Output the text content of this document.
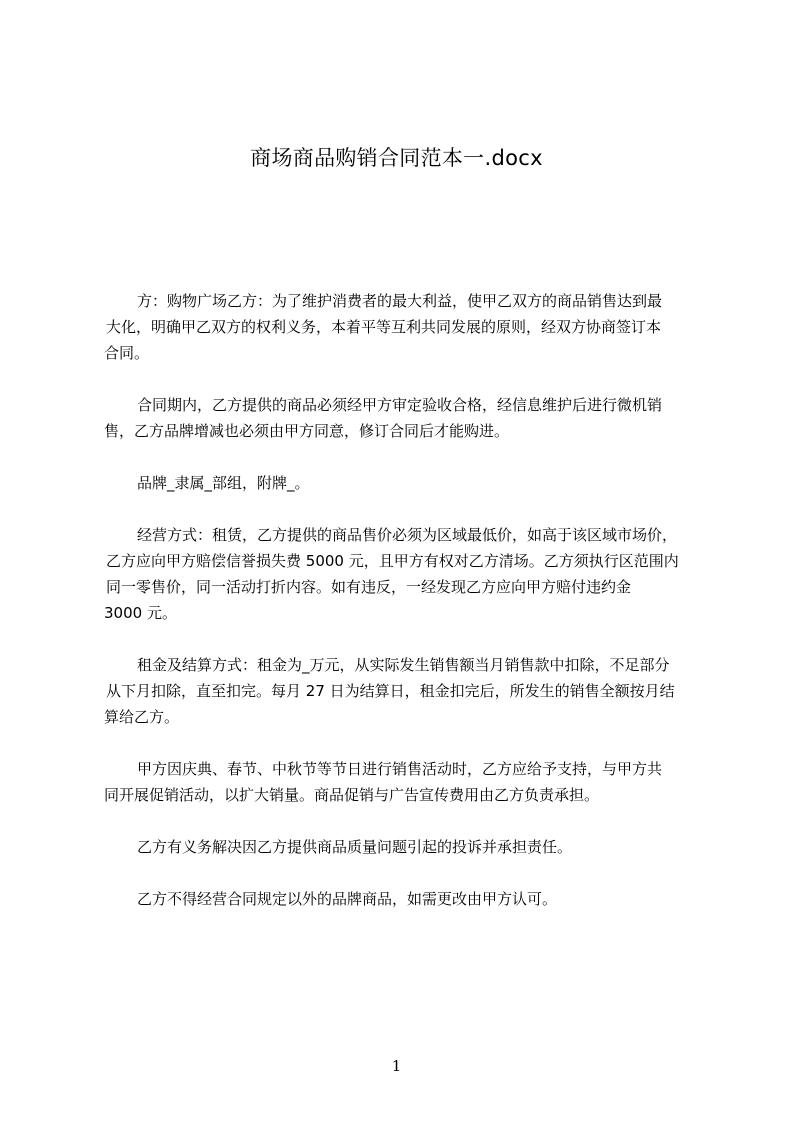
商场商品购销合同范本一.docx
方：购物广场乙方：为了维护消费者的最大利益，使甲乙双方的商品销售达到最
大化，明确甲乙双方的权利义务，本着平等互利共同发展的原则，经双方协商签订本
合同。
合同期内，乙方提供的商品必须经甲方审定验收合格，经信息维护后进行微机销
售，乙方品牌增减也必须由甲方同意，修订合同后才能购进。
品牌_隶属_部组，附牌_。
经营方式：租赁，乙方提供的商品售价必须为区域最低价，如高于该区域市场价，
乙方应向甲方赔偿信誉损失费 5000 元，且甲方有权对乙方清场。乙方须执行区范围内
同一零售价，同一活动打折内容。如有违反，一经发现乙方应向甲方赔付违约金
3000 元。
租金及结算方式：租金为_万元，从实际发生销售额当月销售款中扣除，不足部分
从下月扣除，直至扣完。每月 27 日为结算日，租金扣完后，所发生的销售全额按月结
算给乙方。
甲方因庆典、春节、中秋节等节日进行销售活动时，乙方应给予支持，与甲方共
同开展促销活动，以扩大销量。商品促销与广告宣传费用由乙方负责承担。
乙方有义务解决因乙方提供商品质量问题引起的投诉并承担责任。
乙方不得经营合同规定以外的品牌商品，如需更改由甲方认可。
1
